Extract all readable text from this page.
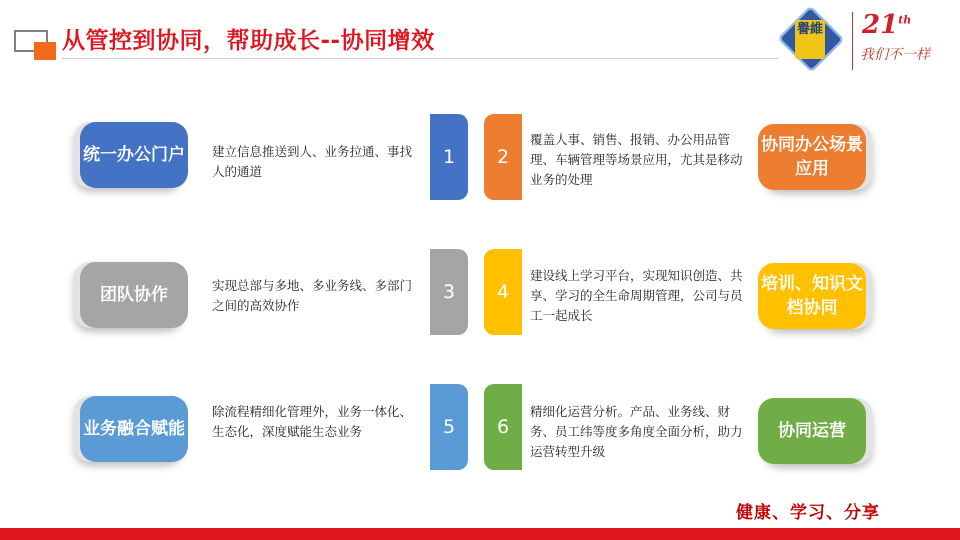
从管控到协同，帮助成长--协同增效	譽維 21th
我们不一样
统一办公门户 建立信息推送到人、业务拉通、事找人的通道
1	2
覆盖人事、销售、报销、办公用品管理、车辆管理等场景应用，尤其是移动业务的处理
协同办公场景应用
团队协作	实现总部与多地、多业务线、多部门之间的高效协作
3	4
建设线上学习平台，实现知识创造、共享、学习的全生命周期管理，公司与员工一起成长
培训、知识文档协同
业务融合赋能
除流程精细化管理外，业务一体化、生态化，深度赋能生态业务	5	6
精细化运营分析。产品、业务线、财务、员工纬等度多角度全面分析，助力运营转型升级
协同运营
健康、学习、分享
